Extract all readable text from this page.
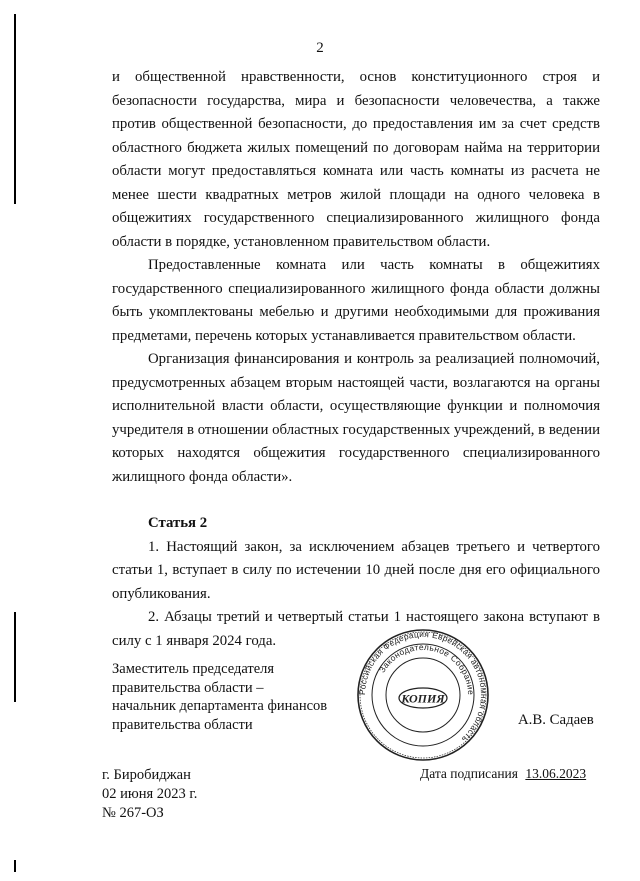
2

и общественной нравственности, основ конституционного строя и безопасности государства, мира и безопасности человечества, а также против общественной безопасности, до предоставления им за счет средств областного бюджета жилых помещений по договорам найма на территории области могут предоставляться комната или часть комнаты из расчета не менее шести квадратных метров жилой площади на одного человека в общежитиях государственного специализированного жилищного фонда области в порядке, установленном правительством области.

Предоставленные комната или часть комнаты в общежитиях государственного специализированного жилищного фонда области должны быть укомплектованы мебелью и другими необходимыми для проживания предметами, перечень которых устанавливается правительством области.

Организация финансирования и контроль за реализацией полномочий, предусмотренных абзацем вторым настоящей части, возлагаются на органы исполнительной власти области, осуществляющие функции и полномочия учредителя в отношении областных государственных учреждений, в ведении которых находятся общежития государственного специализированного жилищного фонда области».

Статья 2

1. Настоящий закон, за исключением абзацев третьего и четвертого статьи 1, вступает в силу по истечении 10 дней после дня его официального опубликования.

2. Абзацы третий и четвертый статьи 1 настоящего закона вступают в силу с 1 января 2024 года.

Заместитель председателя
правительства области –
начальник департамента финансов
правительства области
Российская Федерация Еврейская автономная область
Законодательное Собрание
КОПИЯ
А.В. Садаев
г. Биробиджан
02 июня 2023 г.
№ 267-ОЗ
Дата подписания 13.06.2023
